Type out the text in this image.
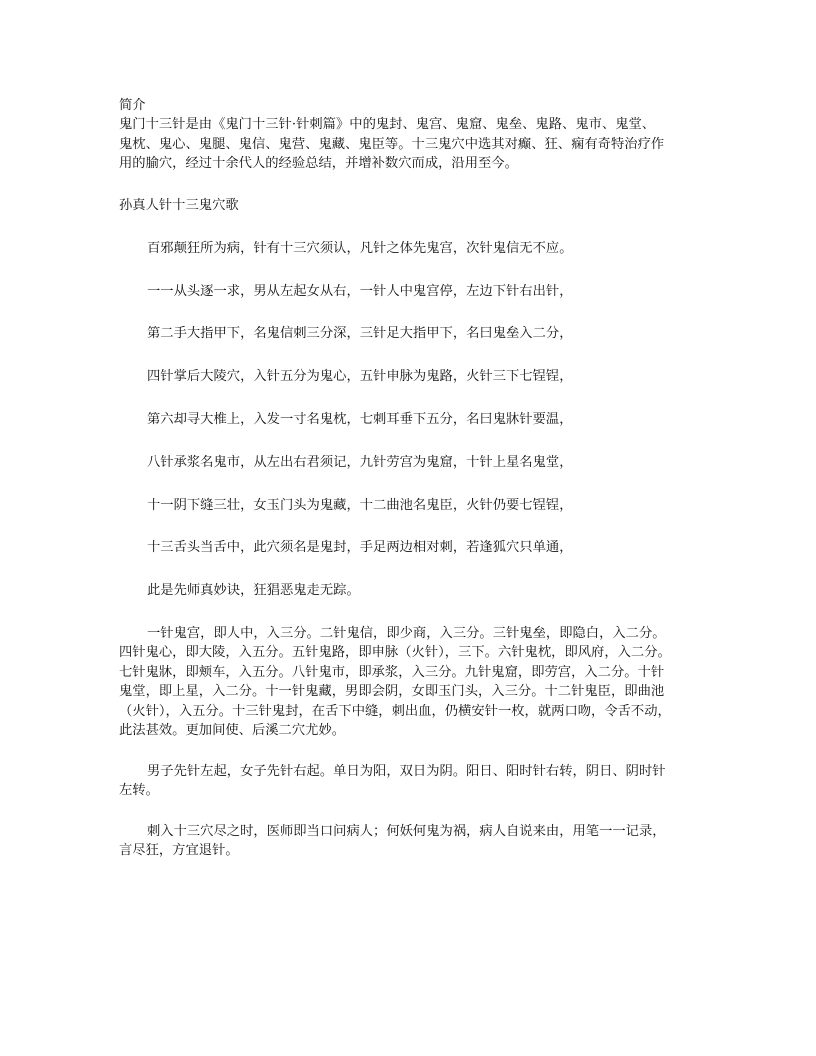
简介

鬼门十三针是由《鬼门十三针·针刺篇》中的鬼封、鬼宫、鬼窟、鬼垒、鬼路、鬼市、鬼堂、

鬼枕、鬼心、鬼腿、鬼信、鬼营、鬼藏、鬼臣等。十三鬼穴中选其对癫、狂、痫有奇特治疗作

用的腧穴，经过十余代人的经验总结，并增补数穴而成，沿用至今。

孙真人针十三鬼穴歌

百邪颠狂所为病，针有十三穴须认，凡针之体先鬼宫，次针鬼信无不应。

一一从头逐一求，男从左起女从右，一针人中鬼宫停，左边下针右出针，

第二手大指甲下，名鬼信刺三分深，三针足大指甲下，名曰鬼垒入二分，

四针掌后大陵穴，入针五分为鬼心，五针申脉为鬼路，火针三下七锃锃，

第六却寻大椎上，入发一寸名鬼枕，七刺耳垂下五分，名曰鬼牀针要温，

八针承浆名鬼市，从左出右君须记，九针劳宫为鬼窟，十针上星名鬼堂，

十一阴下缝三壮，女玉门头为鬼藏，十二曲池名鬼臣，火针仍要七锃锃，

十三舌头当舌中，此穴须名是鬼封，手足两边相对刺，若逢狐穴只单通，

此是先师真妙诀，狂猖恶鬼走无踪。

一针鬼宫，即人中，入三分。二针鬼信，即少商，入三分。三针鬼垒，即隐白，入二分。

四针鬼心，即大陵，入五分。五针鬼路，即申脉（火针），三下。六针鬼枕，即风府，入二分。

七针鬼牀，即颊车，入五分。八针鬼市，即承浆，入三分。九针鬼窟，即劳宫，入二分。十针

鬼堂，即上星，入二分。十一针鬼藏，男即会阴，女即玉门头，入三分。十二针鬼臣，即曲池

（火针），入五分。十三针鬼封，在舌下中缝，刺出血，仍横安针一枚，就两口吻，令舌不动，

此法甚效。更加间使、后溪二穴尤妙。

男子先针左起，女子先针右起。单日为阳，双日为阴。阳日、阳时针右转，阴日、阴时针

左转。

刺入十三穴尽之时，医师即当口问病人；何妖何鬼为祸，病人自说来由，用笔一一记录，

言尽狂，方宜退针。
